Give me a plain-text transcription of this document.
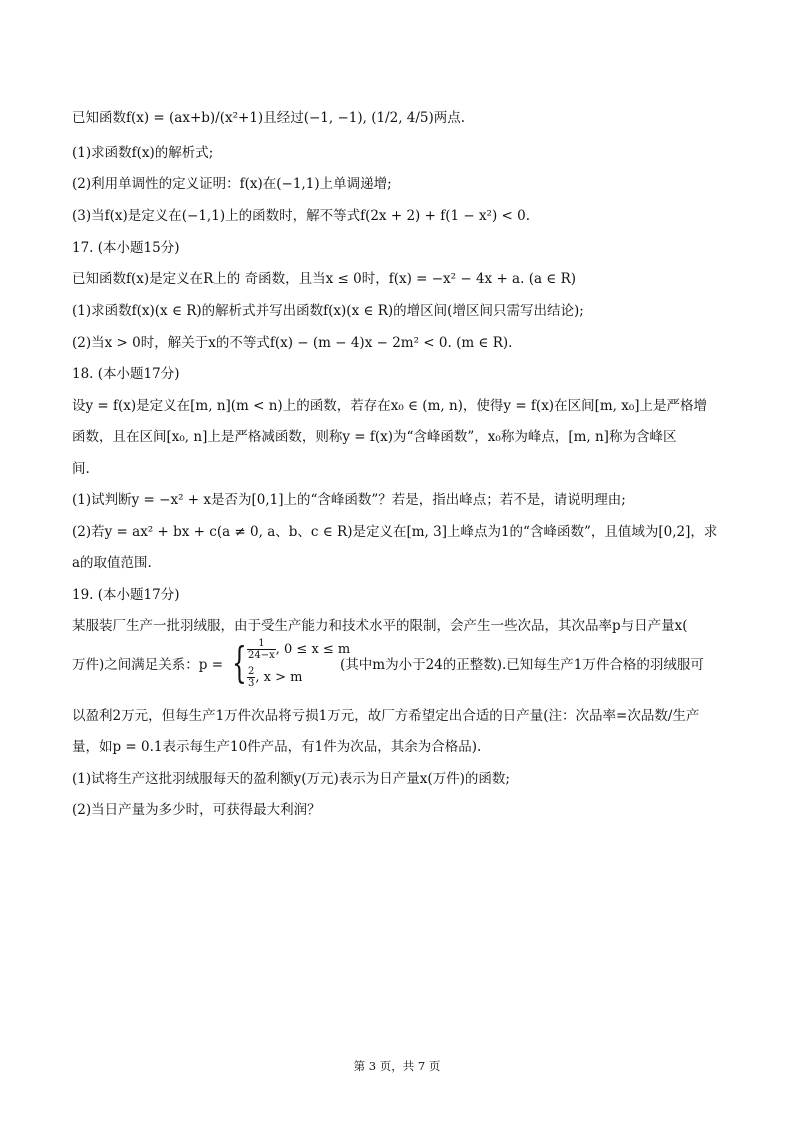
已知函数f(x) = (ax+b)/(x²+1)且经过(−1, −1), (1/2, 4/5)两点.
(1)求函数f(x)的解析式;
(2)利用单调性的定义证明：f(x)在(−1,1)上单调递增;
(3)当f(x)是定义在(−1,1)上的函数时，解不等式f(2x + 2) + f(1 − x²) < 0.
17. (本小题15分)
已知函数f(x)是定义在R上的 奇函数，且当x ≤ 0时，f(x) = −x² − 4x + a. (a ∈ R)
(1)求函数f(x)(x ∈ R)的解析式并写出函数f(x)(x ∈ R)的增区间(增区间只需写出结论);
(2)当x > 0时，解关于x的不等式f(x) − (m − 4)x − 2m² < 0. (m ∈ R).
18. (本小题17分)
设y = f(x)是定义在[m, n](m < n)上的函数，若存在x₀ ∈ (m, n)，使得y = f(x)在区间[m, x₀]上是严格增
函数，且在区间[x₀, n]上是严格减函数，则称y = f(x)为“含峰函数”，x₀称为峰点，[m, n]称为含峰区
间.
(1)试判断y = −x² + x是否为[0,1]上的“含峰函数”？若是，指出峰点；若不是，请说明理由;
(2)若y = ax² + bx + c(a ≠ 0, a、b、c ∈ R)是定义在[m, 3]上峰点为1的“含峰函数”，且值域为[0,2]，求
a的取值范围.
19. (本小题17分)
某服装厂生产一批羽绒服，由于受生产能力和技术水平的限制，会产生一些次品，其次品率p与日产量x(
万件)之间满足关系：p = { $\frac{1}{24-x}$ , 0 ≤ x ≤ m
$\frac{2}{3}$ , x > m
(其中m为小于24的正整数).已知每生产1万件合格的羽绒服可
以盈利2万元，但每生产1万件次品将亏损1万元，故厂方希望定出合适的日产量(注：次品率=次品数/生产
量，如p = 0.1表示每生产10件产品，有1件为次品，其余为合格品).
(1)试将生产这批羽绒服每天的盈利额y(万元)表示为日产量x(万件)的函数;
(2)当日产量为多少时，可获得最大利润？
第 3 页，共 7 页
